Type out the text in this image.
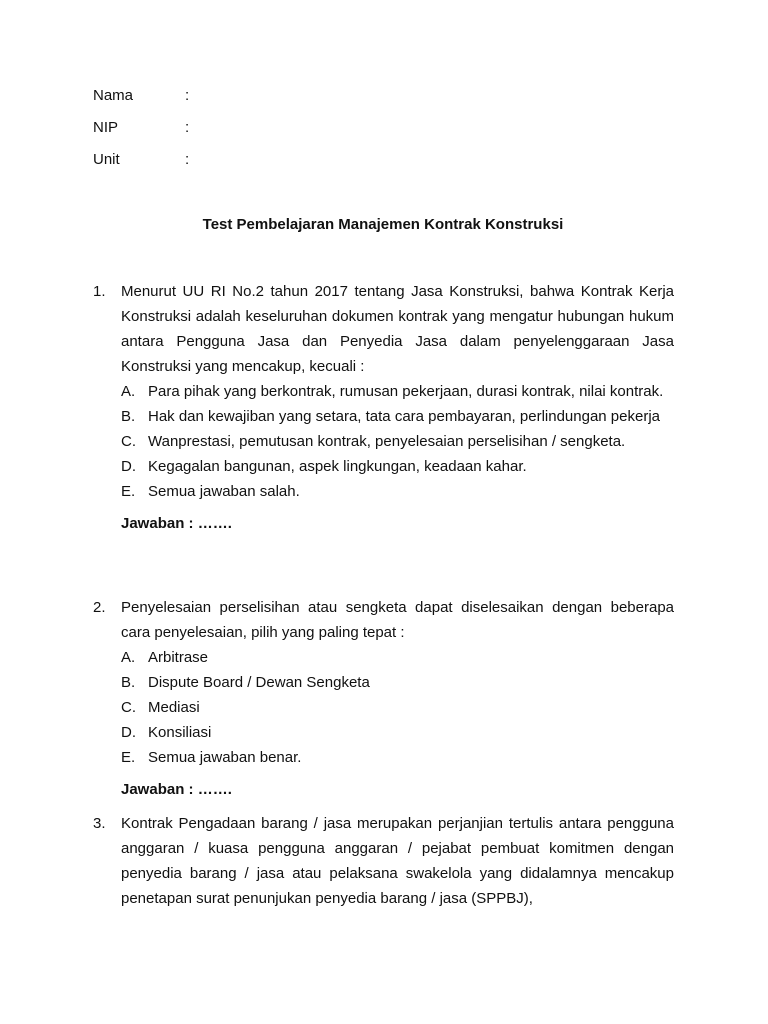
Nama	:
NIP	:
Unit	:
Test Pembelajaran Manajemen Kontrak Konstruksi
1. Menurut UU RI No.2 tahun 2017 tentang Jasa Konstruksi, bahwa Kontrak Kerja Konstruksi adalah keseluruhan dokumen kontrak yang mengatur hubungan hukum antara Pengguna Jasa dan Penyedia Jasa dalam penyelenggaraan Jasa Konstruksi yang mencakup, kecuali :
A. Para pihak yang berkontrak, rumusan pekerjaan, durasi kontrak, nilai kontrak.
B. Hak dan kewajiban yang setara, tata cara pembayaran, perlindungan pekerja
C. Wanprestasi, pemutusan kontrak, penyelesaian perselisihan / sengketa.
D. Kegagalan bangunan, aspek lingkungan, keadaan kahar.
E. Semua jawaban salah.
Jawaban : …….
2. Penyelesaian perselisihan atau sengketa dapat diselesaikan dengan beberapa cara penyelesaian, pilih yang paling tepat :
A. Arbitrase
B. Dispute Board / Dewan Sengketa
C. Mediasi
D. Konsiliasi
E. Semua jawaban benar.
Jawaban : …….
3. Kontrak Pengadaan barang / jasa merupakan perjanjian tertulis antara pengguna anggaran / kuasa pengguna anggaran / pejabat pembuat komitmen dengan penyedia barang / jasa atau pelaksana swakelola yang didalamnya mencakup penetapan surat penunjukan penyedia barang / jasa (SPPBJ),
